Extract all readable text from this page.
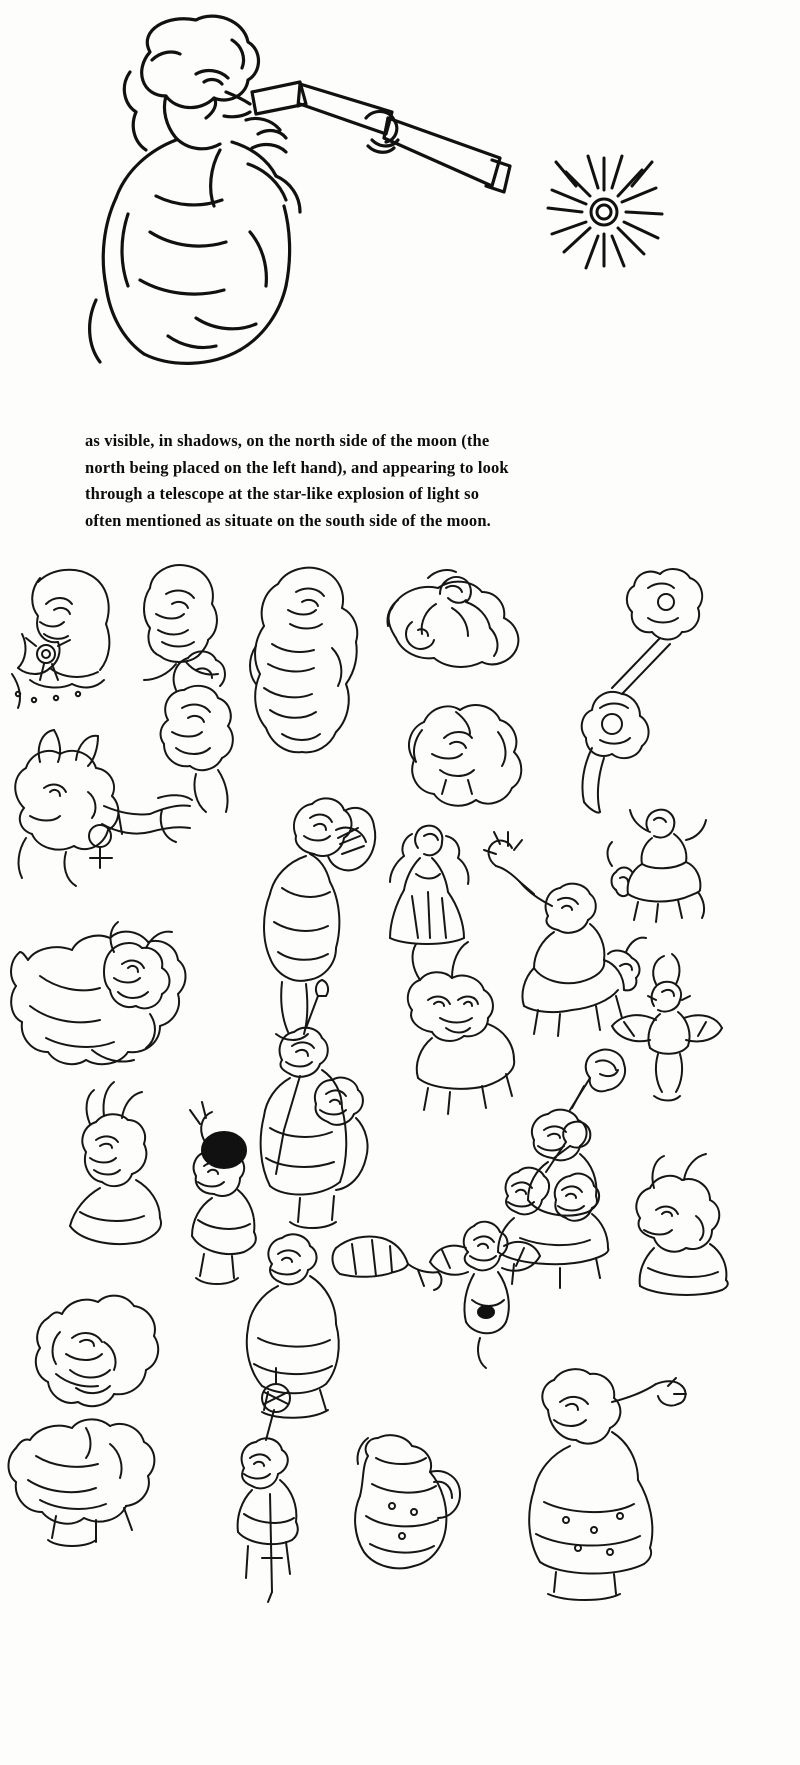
as visible, in shadows, on the north side of the moon (the
north being placed on the left hand), and appearing to look
through a telescope at the star-like explosion of light so
often mentioned as situate on the south side of the moon.
